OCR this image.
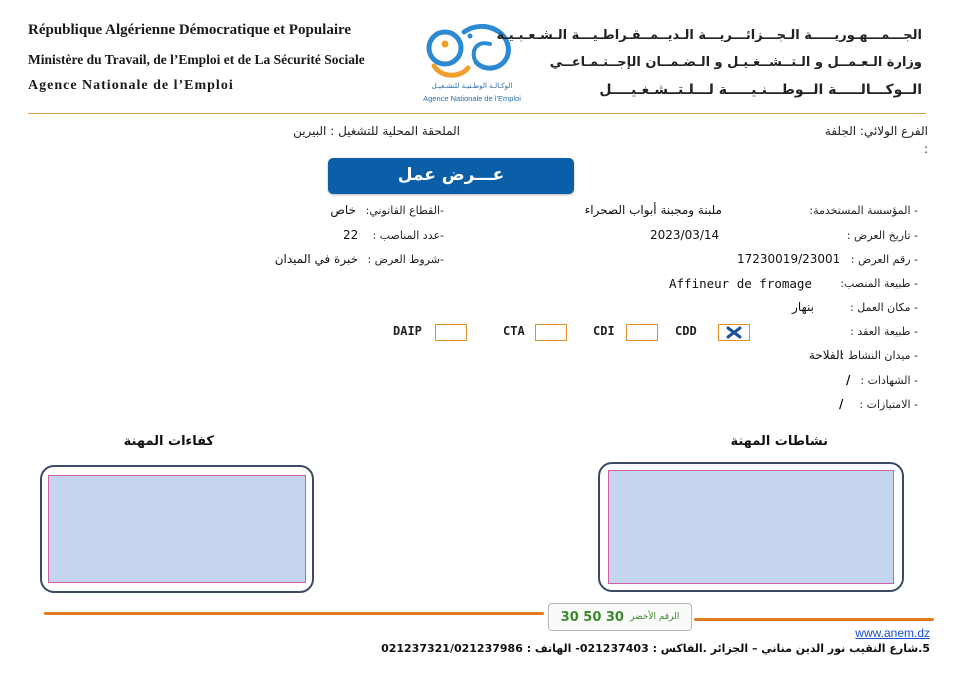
République Algérienne Démocratique et Populaire
Ministère du Travail, de l’Emploi et de La Sécurité Sociale
Agence Nationale de l’Emploi	الوكـالـة الوطـنيـة للتشـغيـل
Agence Nationale de l'Emploi
الجـــمـــهـوريـــــة الـجـــزائـــريـــة الـديــمــقـراطـيـــة الـشـعـبـيـة
وزارة الـعـمــل و الـتــشــغـيـل و الـضـمــان الإجــتـمـاعــي
الــوكـــالـــــة الــوطـــنـيـــــة لـــلـتــشـغـيــــل
الفرع الولائي: الجلفة
:
الملحقة المحلية للتشغيل : البيرين
عـــرض عمل
- المؤسسة المستخدمة:
ملبنة ومجبنة أبواب الصحراء
- تاريخ العرض :
2023/03/14
- رقم العرض :
17230019/23001
- طبيعة المنصب:
Affineur de fromage
- مكان العمل :
بنهار
- طبيعة العقد :
CDD
CDI
CTA
DAIP
- ميدان النشاط :
الفلاحة
- الشهادات :
/
- الامتيازات :
/
-القطاع القانوني:
خاص
-عدد المناصب :
22
-شروط العرض :
خبرة في الميدان
نشاطات المهنة
كفاءات المهنة
30 50 30 الرقم الأخضر
www.anem.dz
5.شارع النقيب نور الدين مناني – الجزائر .الفاكس : 021237403- الهاتف : 021237321/021237986
